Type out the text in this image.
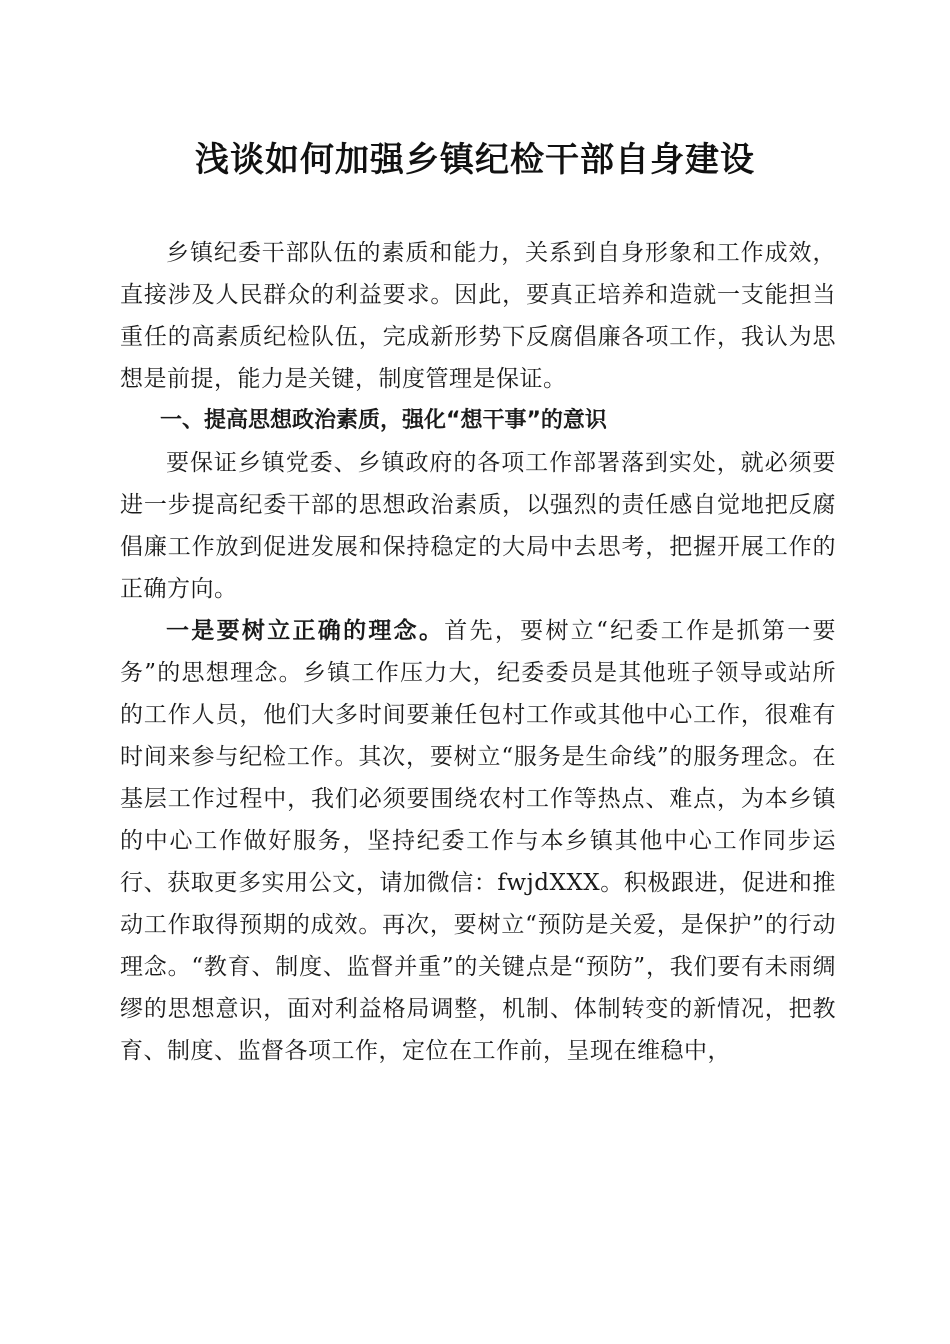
浅谈如何加强乡镇纪检干部自身建设

乡镇纪委干部队伍的素质和能力，关系到自身形象和工作成效，直接涉及人民群众的利益要求。因此，要真正培养和造就一支能担当重任的高素质纪检队伍，完成新形势下反腐倡廉各项工作，我认为思想是前提，能力是关键，制度管理是保证。

一、提高思想政治素质，强化“想干事”的意识

要保证乡镇党委、乡镇政府的各项工作部署落到实处，就必须要进一步提高纪委干部的思想政治素质，以强烈的责任感自觉地把反腐倡廉工作放到促进发展和保持稳定的大局中去思考，把握开展工作的正确方向。

一是要树立正确的理念。首先，要树立“纪委工作是抓第一要务”的思想理念。乡镇工作压力大，纪委委员是其他班子领导或站所的工作人员，他们大多时间要兼任包村工作或其他中心工作，很难有时间来参与纪检工作。其次，要树立“服务是生命线”的服务理念。在基层工作过程中，我们必须要围绕农村工作等热点、难点，为本乡镇的中心工作做好服务，坚持纪委工作与本乡镇其他中心工作同步运行、获取更多实用公文，请加微信：fwjdXXX。积极跟进，促进和推动工作取得预期的成效。再次，要树立“预防是关爱，是保护”的行动理念。“教育、制度、监督并重”的关键点是“预防”，我们要有未雨绸缪的思想意识，面对利益格局调整，机制、体制转变的新情况，把教育、制度、监督各项工作，定位在工作前，呈现在维稳中，
